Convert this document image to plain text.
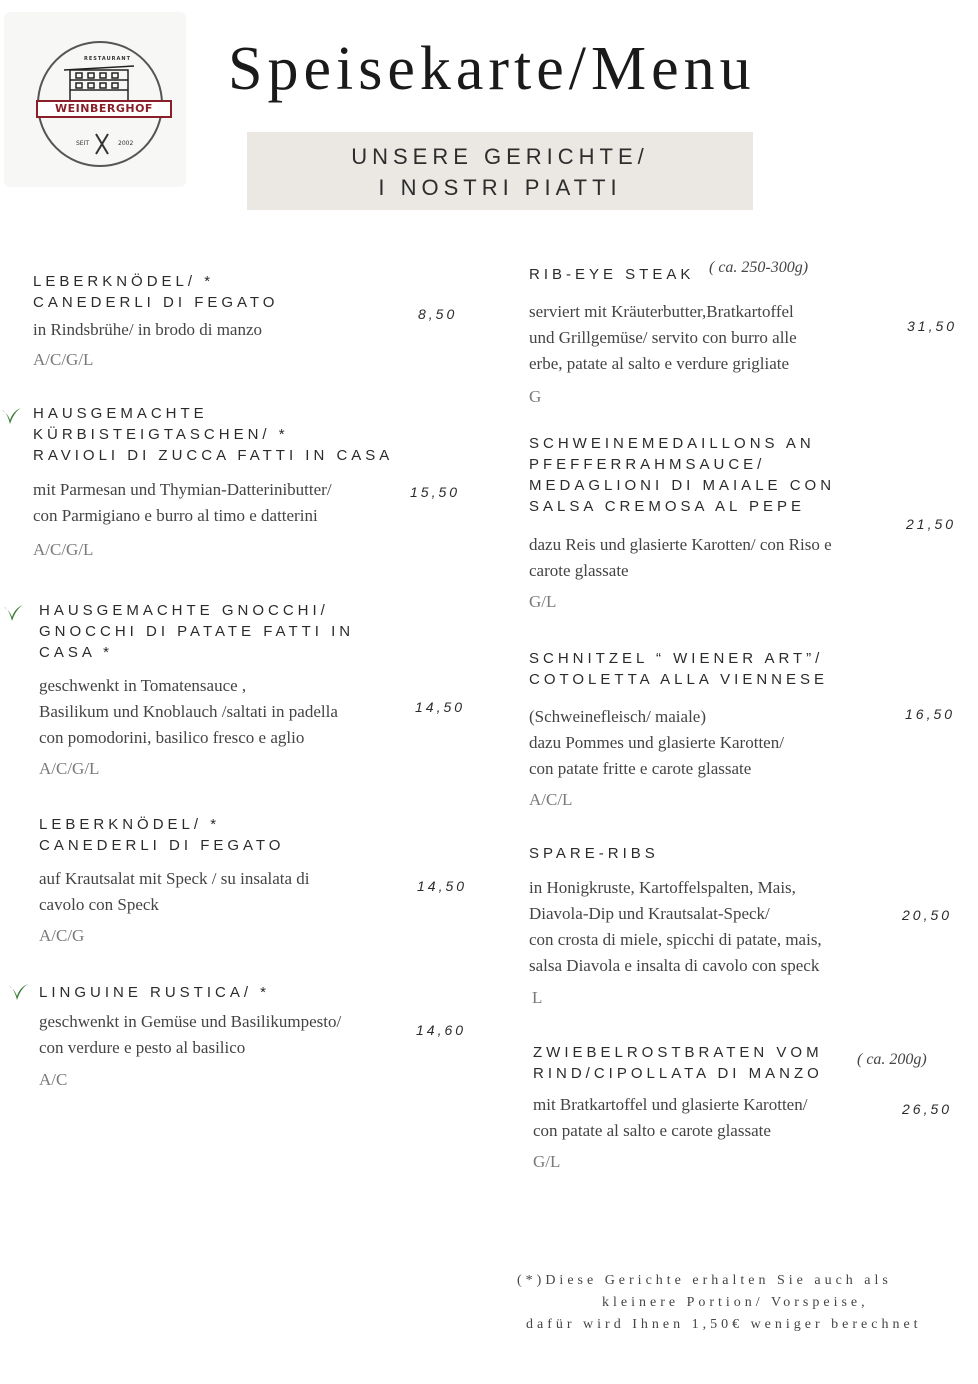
RESTAURANT
WEINBERGHOF
SEIT	2002
Speisekarte/Menu
UNSERE GERICHTE/
I NOSTRI PIATTI
LEBERKNÖDEL/ *
CANEDERLI DI FEGATO
in Rindsbrühe/ in brodo di manzo
A/C/G/L
8,50
HAUSGEMACHTE
KÜRBISTEIGTASCHEN/ *
RAVIOLI DI ZUCCA FATTI IN CASA
mit Parmesan und Thymian-Datterinibutter/
con Parmigiano e burro al timo e datterini
A/C/G/L
15,50
HAUSGEMACHTE GNOCCHI/
GNOCCHI DI PATATE FATTI IN
CASA *
geschwenkt in Tomatensauce ,
Basilikum und Knoblauch /saltati in padella
con pomodorini, basilico fresco e aglio
A/C/G/L
14,50
LEBERKNÖDEL/ *
CANEDERLI DI FEGATO
auf Krautsalat mit Speck / su insalata di
cavolo con Speck
A/C/G
14,50
LINGUINE RUSTICA/ *
geschwenkt in Gemüse und Basilikumpesto/
con verdure e pesto al basilico
A/C
14,60
RIB-EYE STEAK ( ca. 250-300g)
serviert mit Kräuterbutter,Bratkartoffel
und Grillgemüse/ servito con burro alle
erbe, patate al salto e verdure grigliate
G
31,50
SCHWEINEMEDAILLONS AN
PFEFFERRAHMSAUCE/
MEDAGLIONI DI MAIALE CON
SALSA CREMOSA AL PEPE
dazu Reis und glasierte Karotten/ con Riso e
carote glassate
G/L
21,50
SCHNITZEL “ WIENER ART”/
COTOLETTA ALLA VIENNESE
(Schweinefleisch/ maiale)
dazu Pommes und glasierte Karotten/
con patate fritte e carote glassate
A/C/L
16,50
SPARE-RIBS
in Honigkruste, Kartoffelspalten, Mais,
Diavola-Dip und Krautsalat-Speck/
con crosta di miele, spicchi di patate, mais,
salsa Diavola e insalta di cavolo con speck
L
20,50
ZWIEBELROSTBRATEN VOM
RIND/CIPOLLATA DI MANZO
( ca. 200g)
mit Bratkartoffel und glasierte Karotten/
con patate al salto e carote glassate
G/L
26,50
(*)Diese Gerichte erhalten Sie auch als
kleinere Portion/ Vorspeise,
dafür wird Ihnen 1,50€ weniger berechnet
